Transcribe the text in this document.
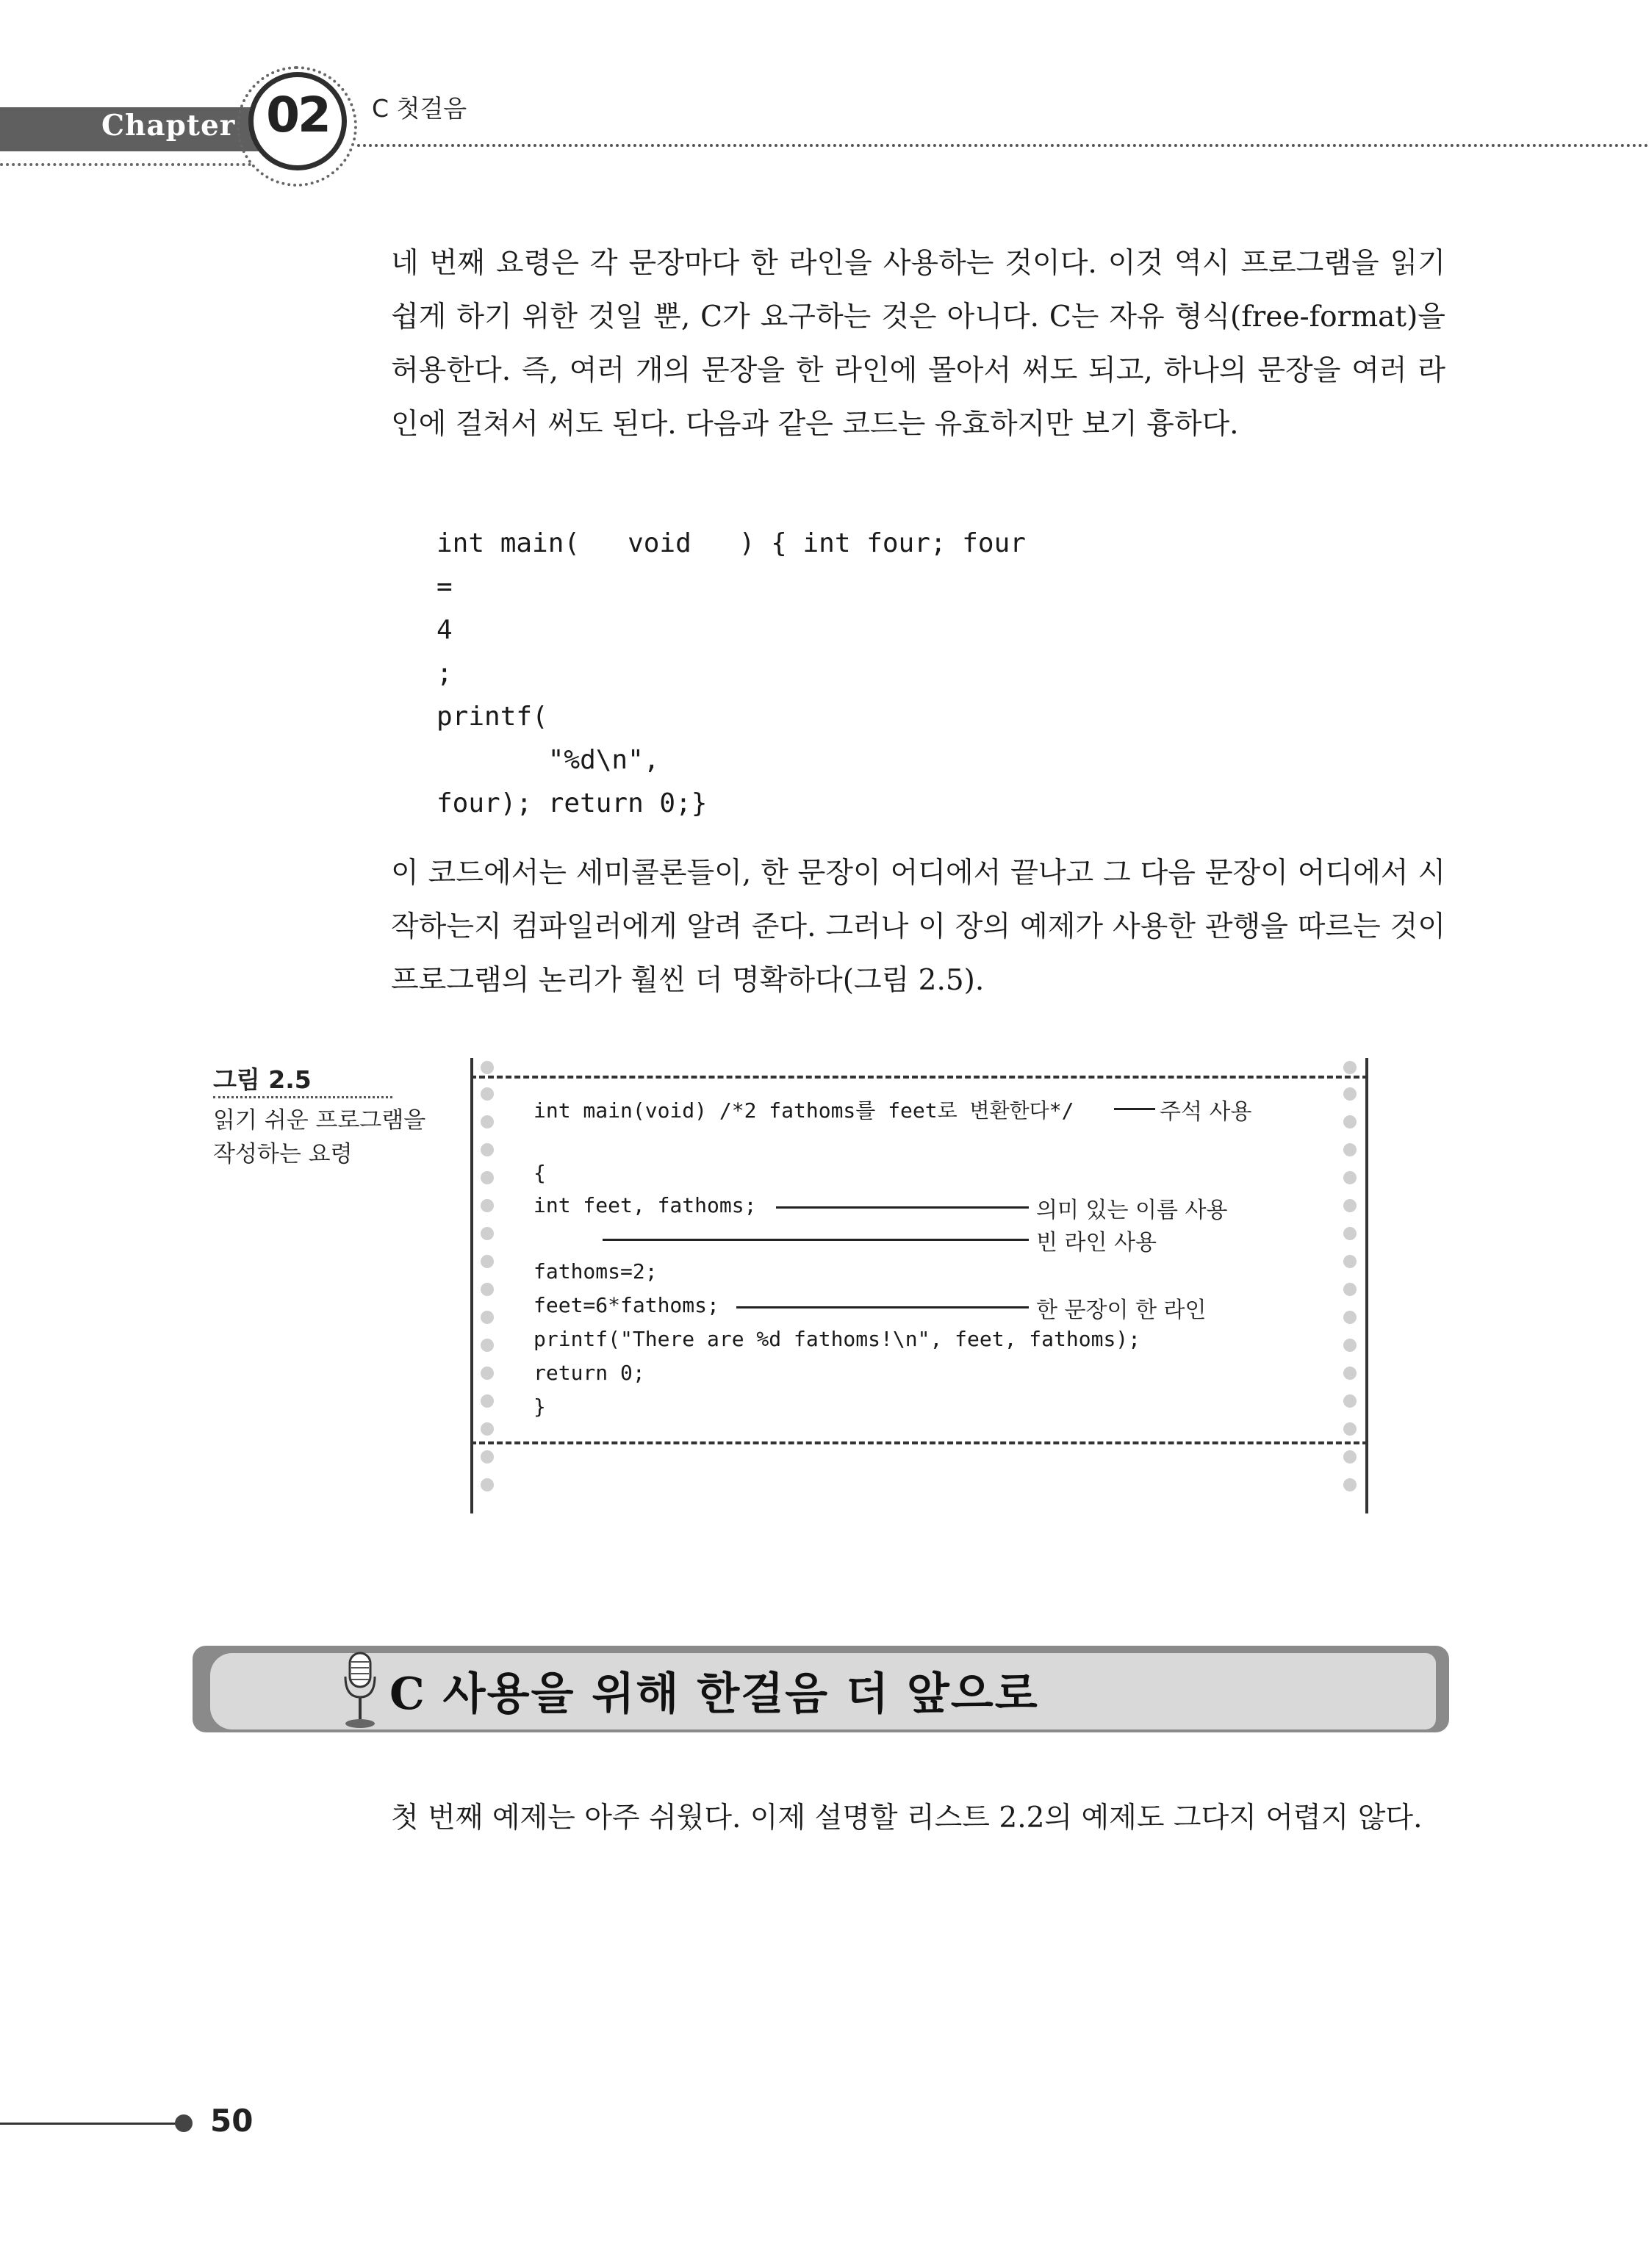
Chapter 02	C 첫걸음

네 번째 요령은 각 문장마다 한 라인을 사용하는 것이다. 이것 역시 프로그램을 읽기 쉽게 하기 위한 것일 뿐, C가 요구하는 것은 아니다. C는 자유 형식(free-format)을 허용한다. 즉, 여러 개의 문장을 한 라인에 몰아서 써도 되고, 하나의 문장을 여러 라인에 걸쳐서 써도 된다. 다음과 같은 코드는 유효하지만 보기 흉하다.

int main(   void   ) { int four; four
=
4
;
printf(
"%d\n",
four); return 0;}

이 코드에서는 세미콜론들이, 한 문장이 어디에서 끝나고 그 다음 문장이 어디에서 시작하는지 컴파일러에게 알려 준다. 그러나 이 장의 예제가 사용한 관행을 따르는 것이 프로그램의 논리가 훨씬 더 명확하다(그림 2.5).

그림 2.5
읽기 쉬운 프로그램을 작성하는 요령
int main(void) /*2 fathoms를 feet로 변환한다*/
{
int feet, fathoms;
fathoms=2;
feet=6*fathoms;
printf("There are %d fathoms!\n", feet, fathoms);
return 0;
}
주석 사용
의미 있는 이름 사용
빈 라인 사용
한 문장이 한 라인
C 사용을 위해 한걸음 더 앞으로

첫 번째 예제는 아주 쉬웠다. 이제 설명할 리스트 2.2의 예제도 그다지 어렵지 않다.

50
